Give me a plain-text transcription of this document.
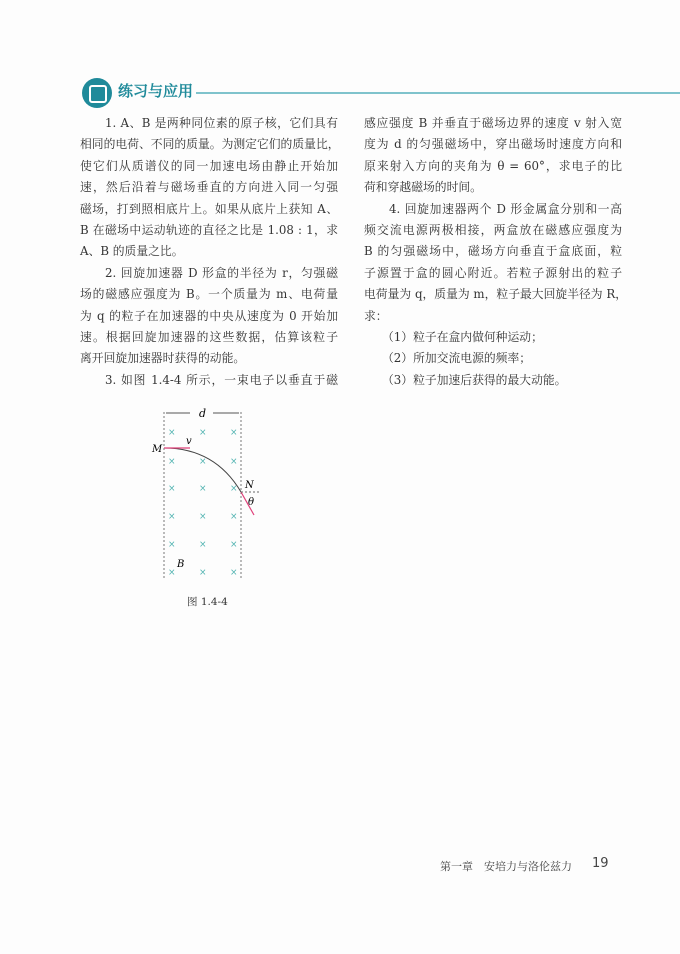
练习与应用
1. A、B 是两种同位素的原子核，它们具有
相同的电荷、不同的质量。为测定它们的质量比，
使它们从质谱仪的同一加速电场由静止开始加
速，然后沿着与磁场垂直的方向进入同一匀强
磁场，打到照相底片上。如果从底片上获知 A、
B 在磁场中运动轨迹的直径之比是 1.08 : 1，求
A、B 的质量之比。
2. 回旋加速器 D 形盒的半径为 r，匀强磁
场的磁感应强度为 B。一个质量为 m、电荷量
为 q 的粒子在加速器的中央从速度为 0 开始加
速。根据回旋加速器的这些数据，估算该粒子
离开回旋加速器时获得的动能。
3. 如图 1.4-4 所示，一束电子以垂直于磁
感应强度 B 并垂直于磁场边界的速度 v 射入宽
度为 d 的匀强磁场中，穿出磁场时速度方向和
原来射入方向的夹角为 θ = 60°，求电子的比
荷和穿越磁场的时间。
4. 回旋加速器两个 D 形金属盒分别和一高
频交流电源两极相接，两盒放在磁感应强度为
B 的匀强磁场中，磁场方向垂直于盒底面，粒
子源置于盒的圆心附近。若粒子源射出的粒子
电荷量为 q，质量为 m，粒子最大回旋半径为 R，
求：
（1）粒子在盒内做何种运动；
（2）所加交流电源的频率；
（3）粒子加速后获得的最大动能。
×	×	×
×	×	×
×	×	×
×	×	×
×	×	×
×	×	×
d
M
v
N
θ
B
图 1.4-4
第一章　安培力与洛伦兹力 19
